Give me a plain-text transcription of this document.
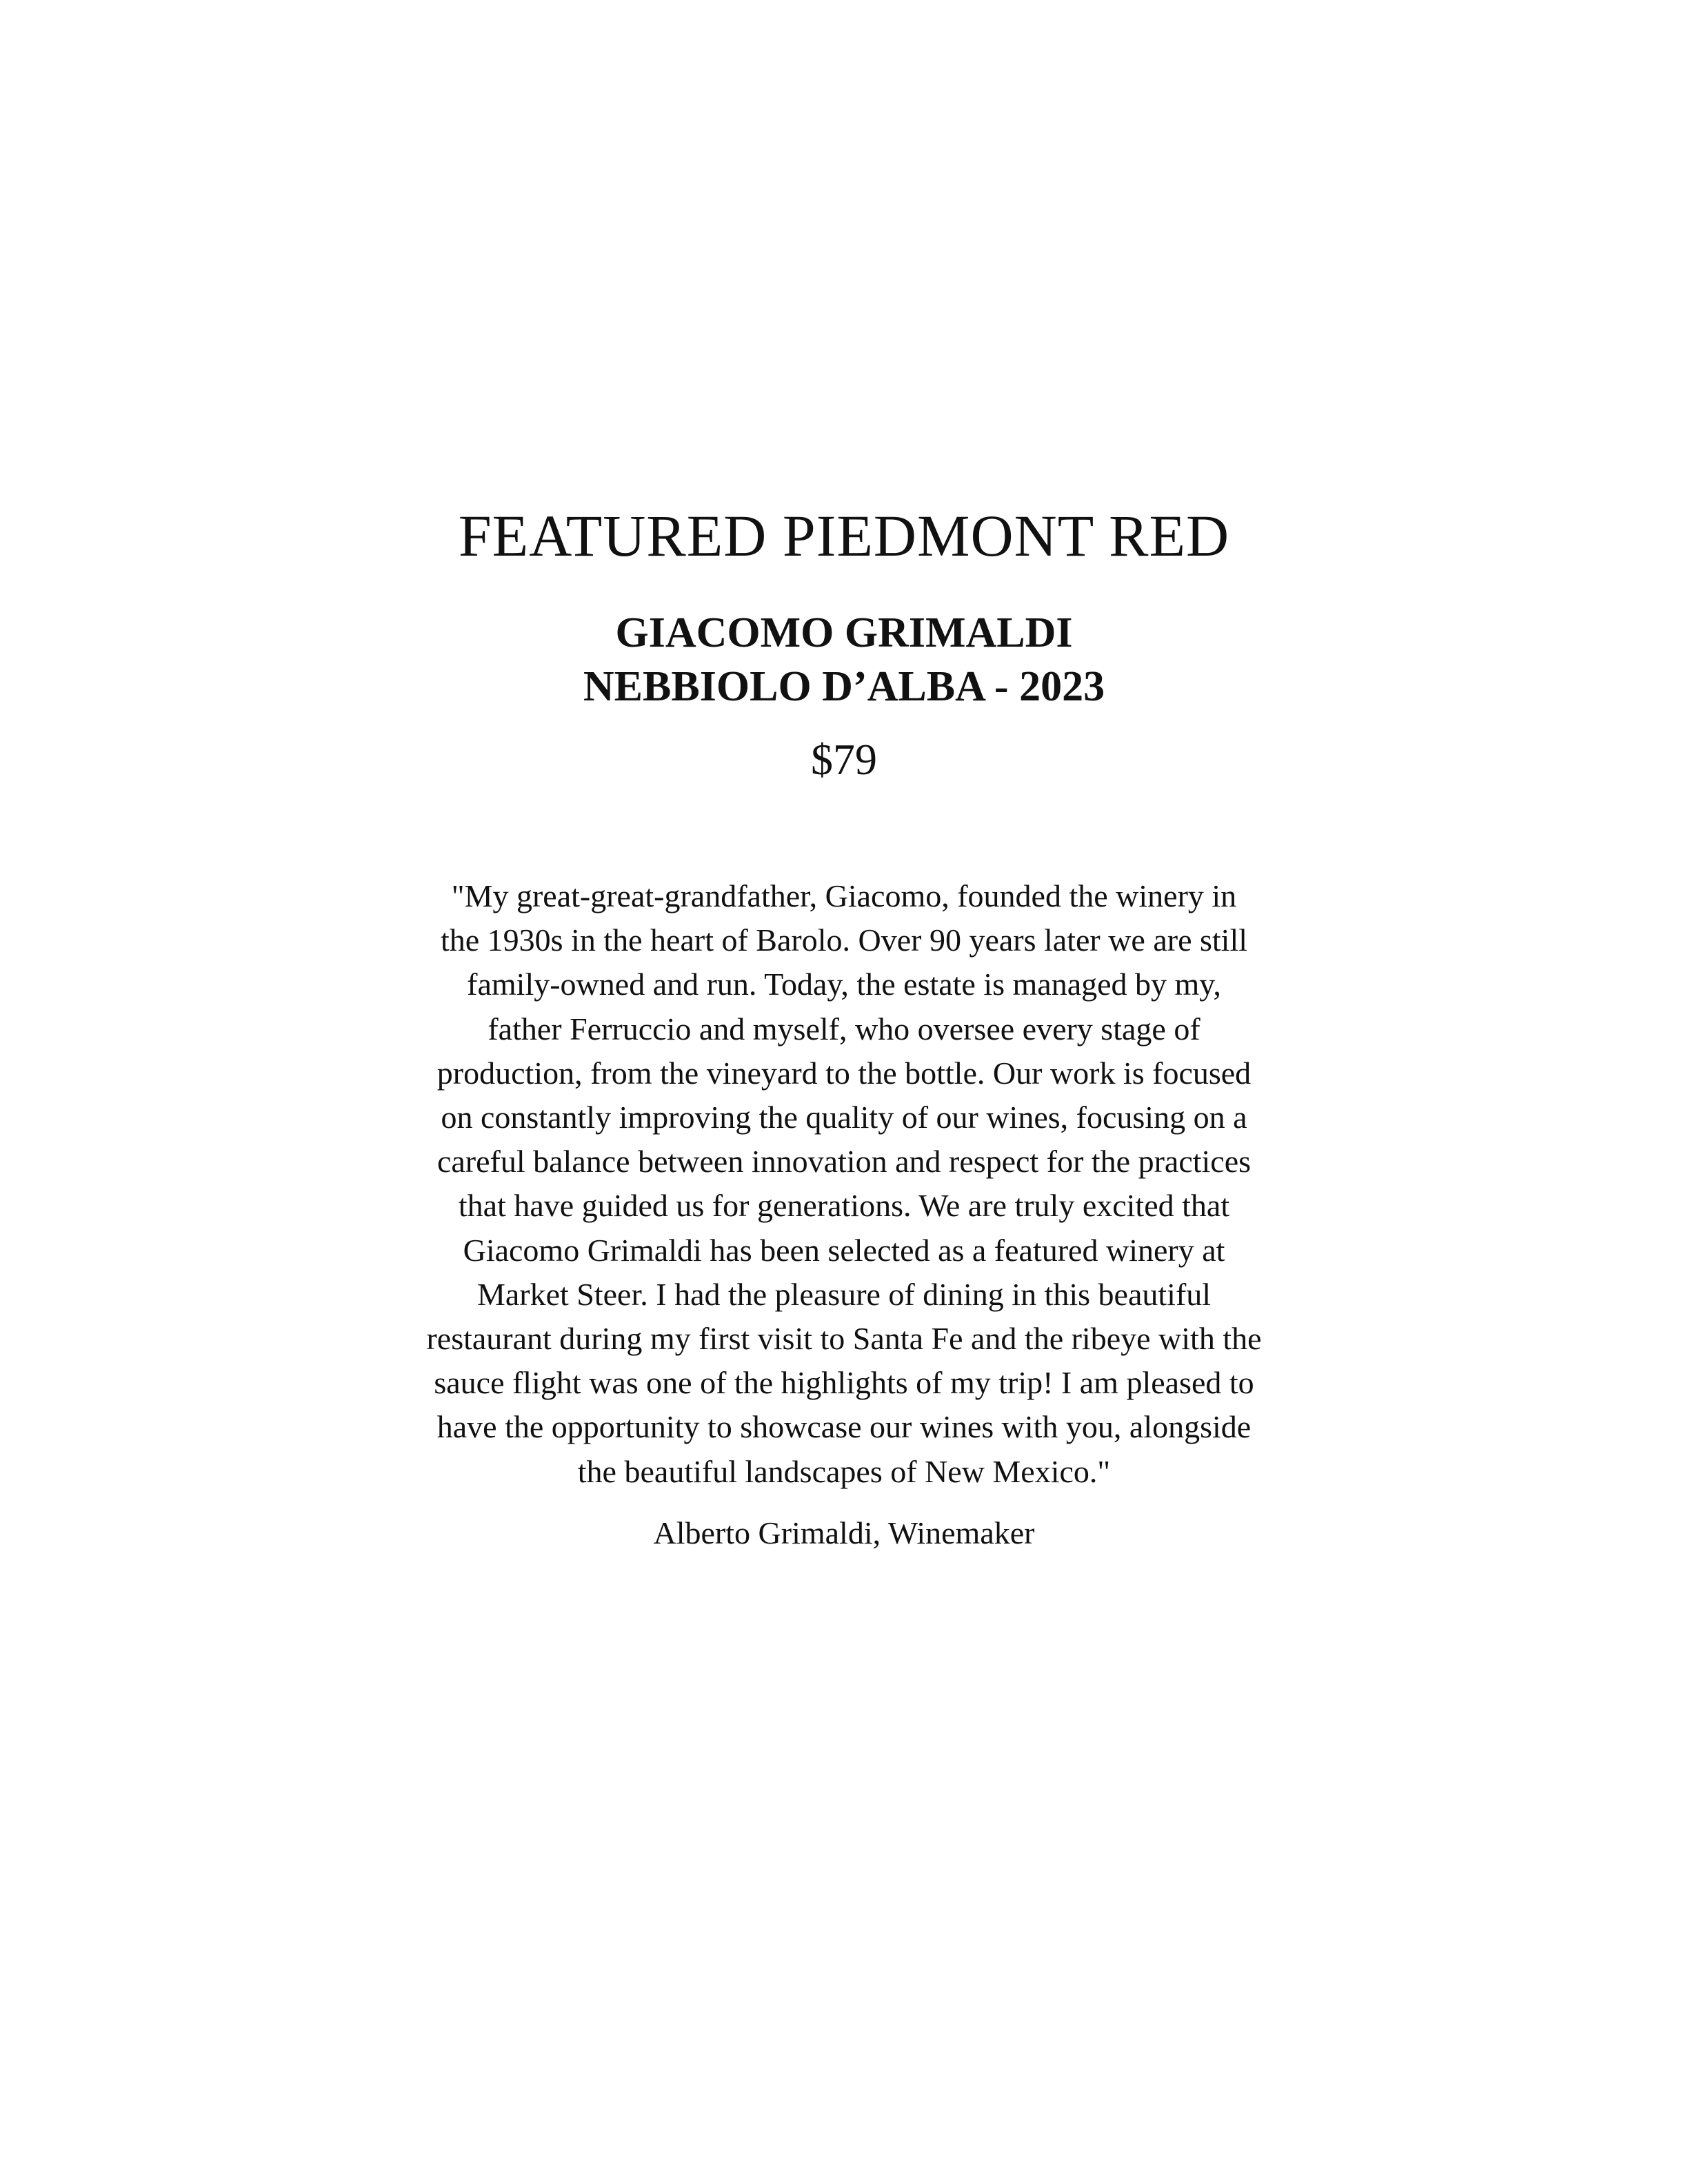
FEATURED PIEDMONT RED
GIACOMO GRIMALDI
NEBBIOLO D’ALBA - 2023
$79

"My great-great-grandfather, Giacomo, founded the winery in
the 1930s in the heart of Barolo. Over 90 years later we are still
family-owned and run. Today, the estate is managed by my,
father Ferruccio and myself, who oversee every stage of
production, from the vineyard to the bottle. Our work is focused
on constantly improving the quality of our wines, focusing on a
careful balance between innovation and respect for the practices
that have guided us for generations. We are truly excited that
Giacomo Grimaldi has been selected as a featured winery at
Market Steer. I had the pleasure of dining in this beautiful
restaurant during my first visit to Santa Fe and the ribeye with the
sauce flight was one of the highlights of my trip! I am pleased to
have the opportunity to showcase our wines with you, alongside
the beautiful landscapes of New Mexico."

Alberto Grimaldi, Winemaker
